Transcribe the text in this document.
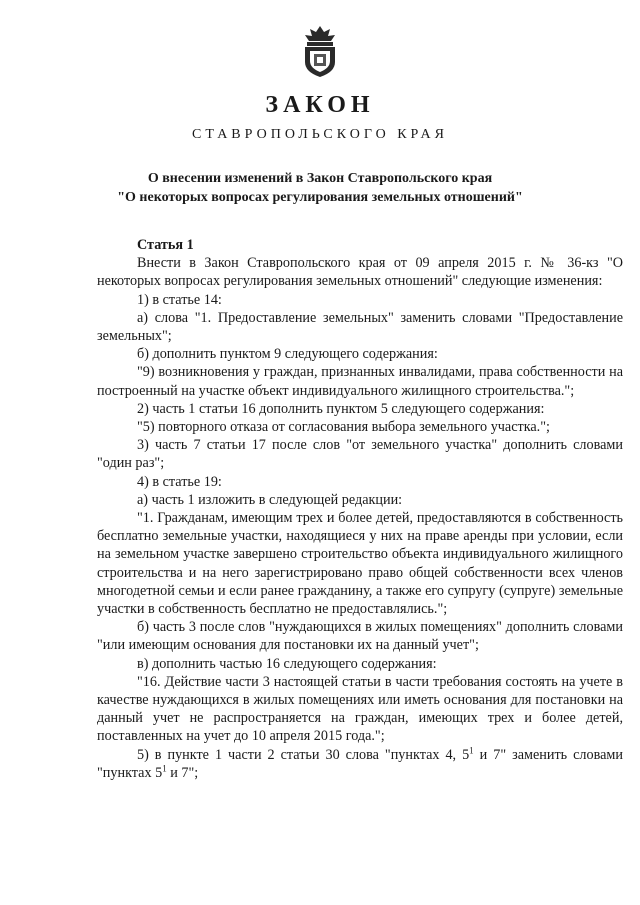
ЗАКОН
СТАВРОПОЛЬСКОГО КРАЯ
О внесении изменений в Закон Ставропольского края
"О некоторых вопросах регулирования земельных отношений"

Статья 1

Внести в Закон Ставропольского края от 09 апреля 2015 г. № 36-кз "О некоторых вопросах регулирования земельных отношений" следующие изменения:

1) в статье 14:

а) слова "1. Предоставление земельных" заменить словами "Предоставление земельных";

б) дополнить пунктом 9 следующего содержания:

"9) возникновения у граждан, признанных инвалидами, права собственности на построенный на участке объект индивидуального жилищного строительства.";

2) часть 1 статьи 16 дополнить пунктом 5 следующего содержания:

"5) повторного отказа от согласования выбора земельного участка.";

3) часть 7 статьи 17 после слов "от земельного участка" дополнить словами "один раз";

4) в статье 19:

а) часть 1 изложить в следующей редакции:

"1. Гражданам, имеющим трех и более детей, предоставляются в собственность бесплатно земельные участки, находящиеся у них на праве аренды при условии, если на земельном участке завершено строительство объекта индивидуального жилищного строительства и на него зарегистрировано право общей собственности всех членов многодетной семьи и если ранее гражданину, а также его супругу (супруге) земельные участки в собственность бесплатно не предоставлялись.";

б) часть 3 после слов "нуждающихся в жилых помещениях" дополнить словами "или имеющим основания для постановки их на данный учет";

в) дополнить частью 16 следующего содержания:

"16. Действие части 3 настоящей статьи в части требования состоять на учете в качестве нуждающихся в жилых помещениях или иметь основания для постановки на данный учет не распространяется на граждан, имеющих трех и более детей, поставленных на учет до 10 апреля 2015 года.";

5) в пункте 1 части 2 статьи 30 слова "пунктах 4, $5^1$ и 7" заменить словами "пунктах $5^1$ и 7";
